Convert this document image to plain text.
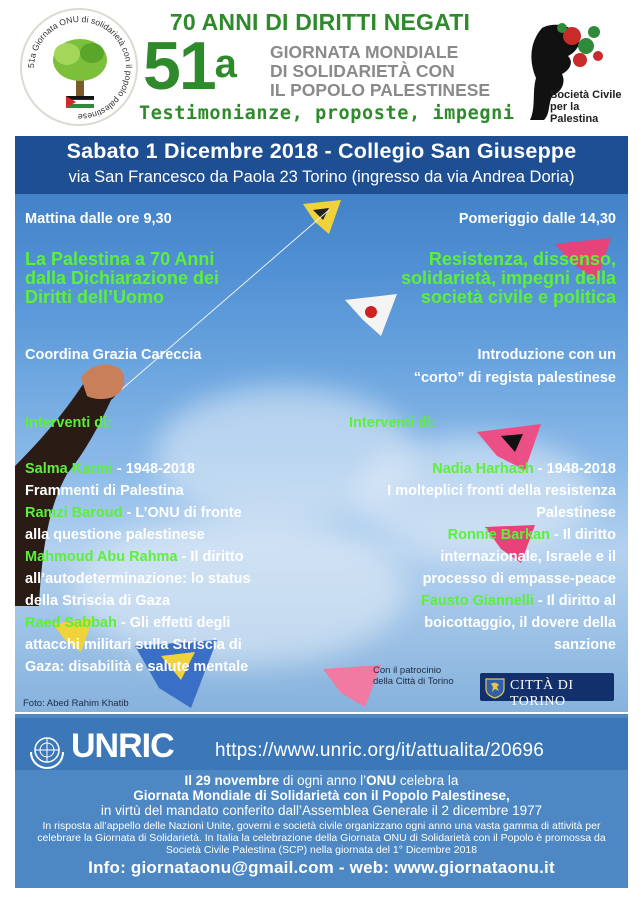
51a Giornata ONU di solidarietà con il popolo palestinese
70 ANNI DI DIRITTI NEGATI
51$^a$ GIORNATA MONDIALE
DI SOLIDARIETÀ CON
IL POPOLO PALESTINESE
Testimonianze, proposte, impegni
Società Civile
per la Palestina
Sabato 1 Dicembre 2018 - Collegio San Giuseppe
via San Francesco da Paola 23 Torino (ingresso da via Andrea Doria)
Mattina dalle ore 9,30
La Palestina a 70 Anni
dalla Dichiarazione dei
Diritti dell’Uomo
Coordina Grazia Careccia
Interventi di:
Salma Karmi - 1948-2018
Frammenti di Palestina
Ramzi Baroud - L’ONU di fronte
alla questione palestinese
Mahmoud Abu Rahma - Il diritto
all’autodeterminazione: lo status
della Striscia di Gaza
Raed Sabbah - Gli effetti degli
attacchi militari sulla Striscia di
Gaza: disabilità e salute mentale
Pomeriggio dalle 14,30
Resistenza, dissenso,
solidarietà, impegni della
società civile e politica
Introduzione con un
“corto” di regista palestinese
Interventi di:
Nadia Harhash - 1948-2018
I molteplici fronti della resistenza
Palestinese
Ronnie Barkan - Il diritto
internazionale, Israele e il
processo di empasse-peace
Fausto Giannelli - Il diritto al
boicottaggio, il dovere della
sanzione
Con il patrocinio
della Città di Torino	CITTÀ DI TORINO
Foto: Abed Rahim Khatib
UNRIC https://www.unric.org/it/attualita/20696
Il 29 novembre di ogni anno l’ONU celebra la
Giornata Mondiale di Solidarietà con il Popolo Palestinese,
in virtù del mandato conferito dall’Assemblea Generale il 2 dicembre 1977
In risposta all’appello delle Nazioni Unite, governi e società civile organizzano ogni anno una vasta gamma di attività per celebrare la Giornata di Solidarietà. In Italia la celebrazione della Giornata ONU di Solidarietà con il Popolo è promossa da Società Civile Palestina (SCP) nella giornata del 1° Dicembre 2018
Info: giornataonu@gmail.com - web: www.giornataonu.it
